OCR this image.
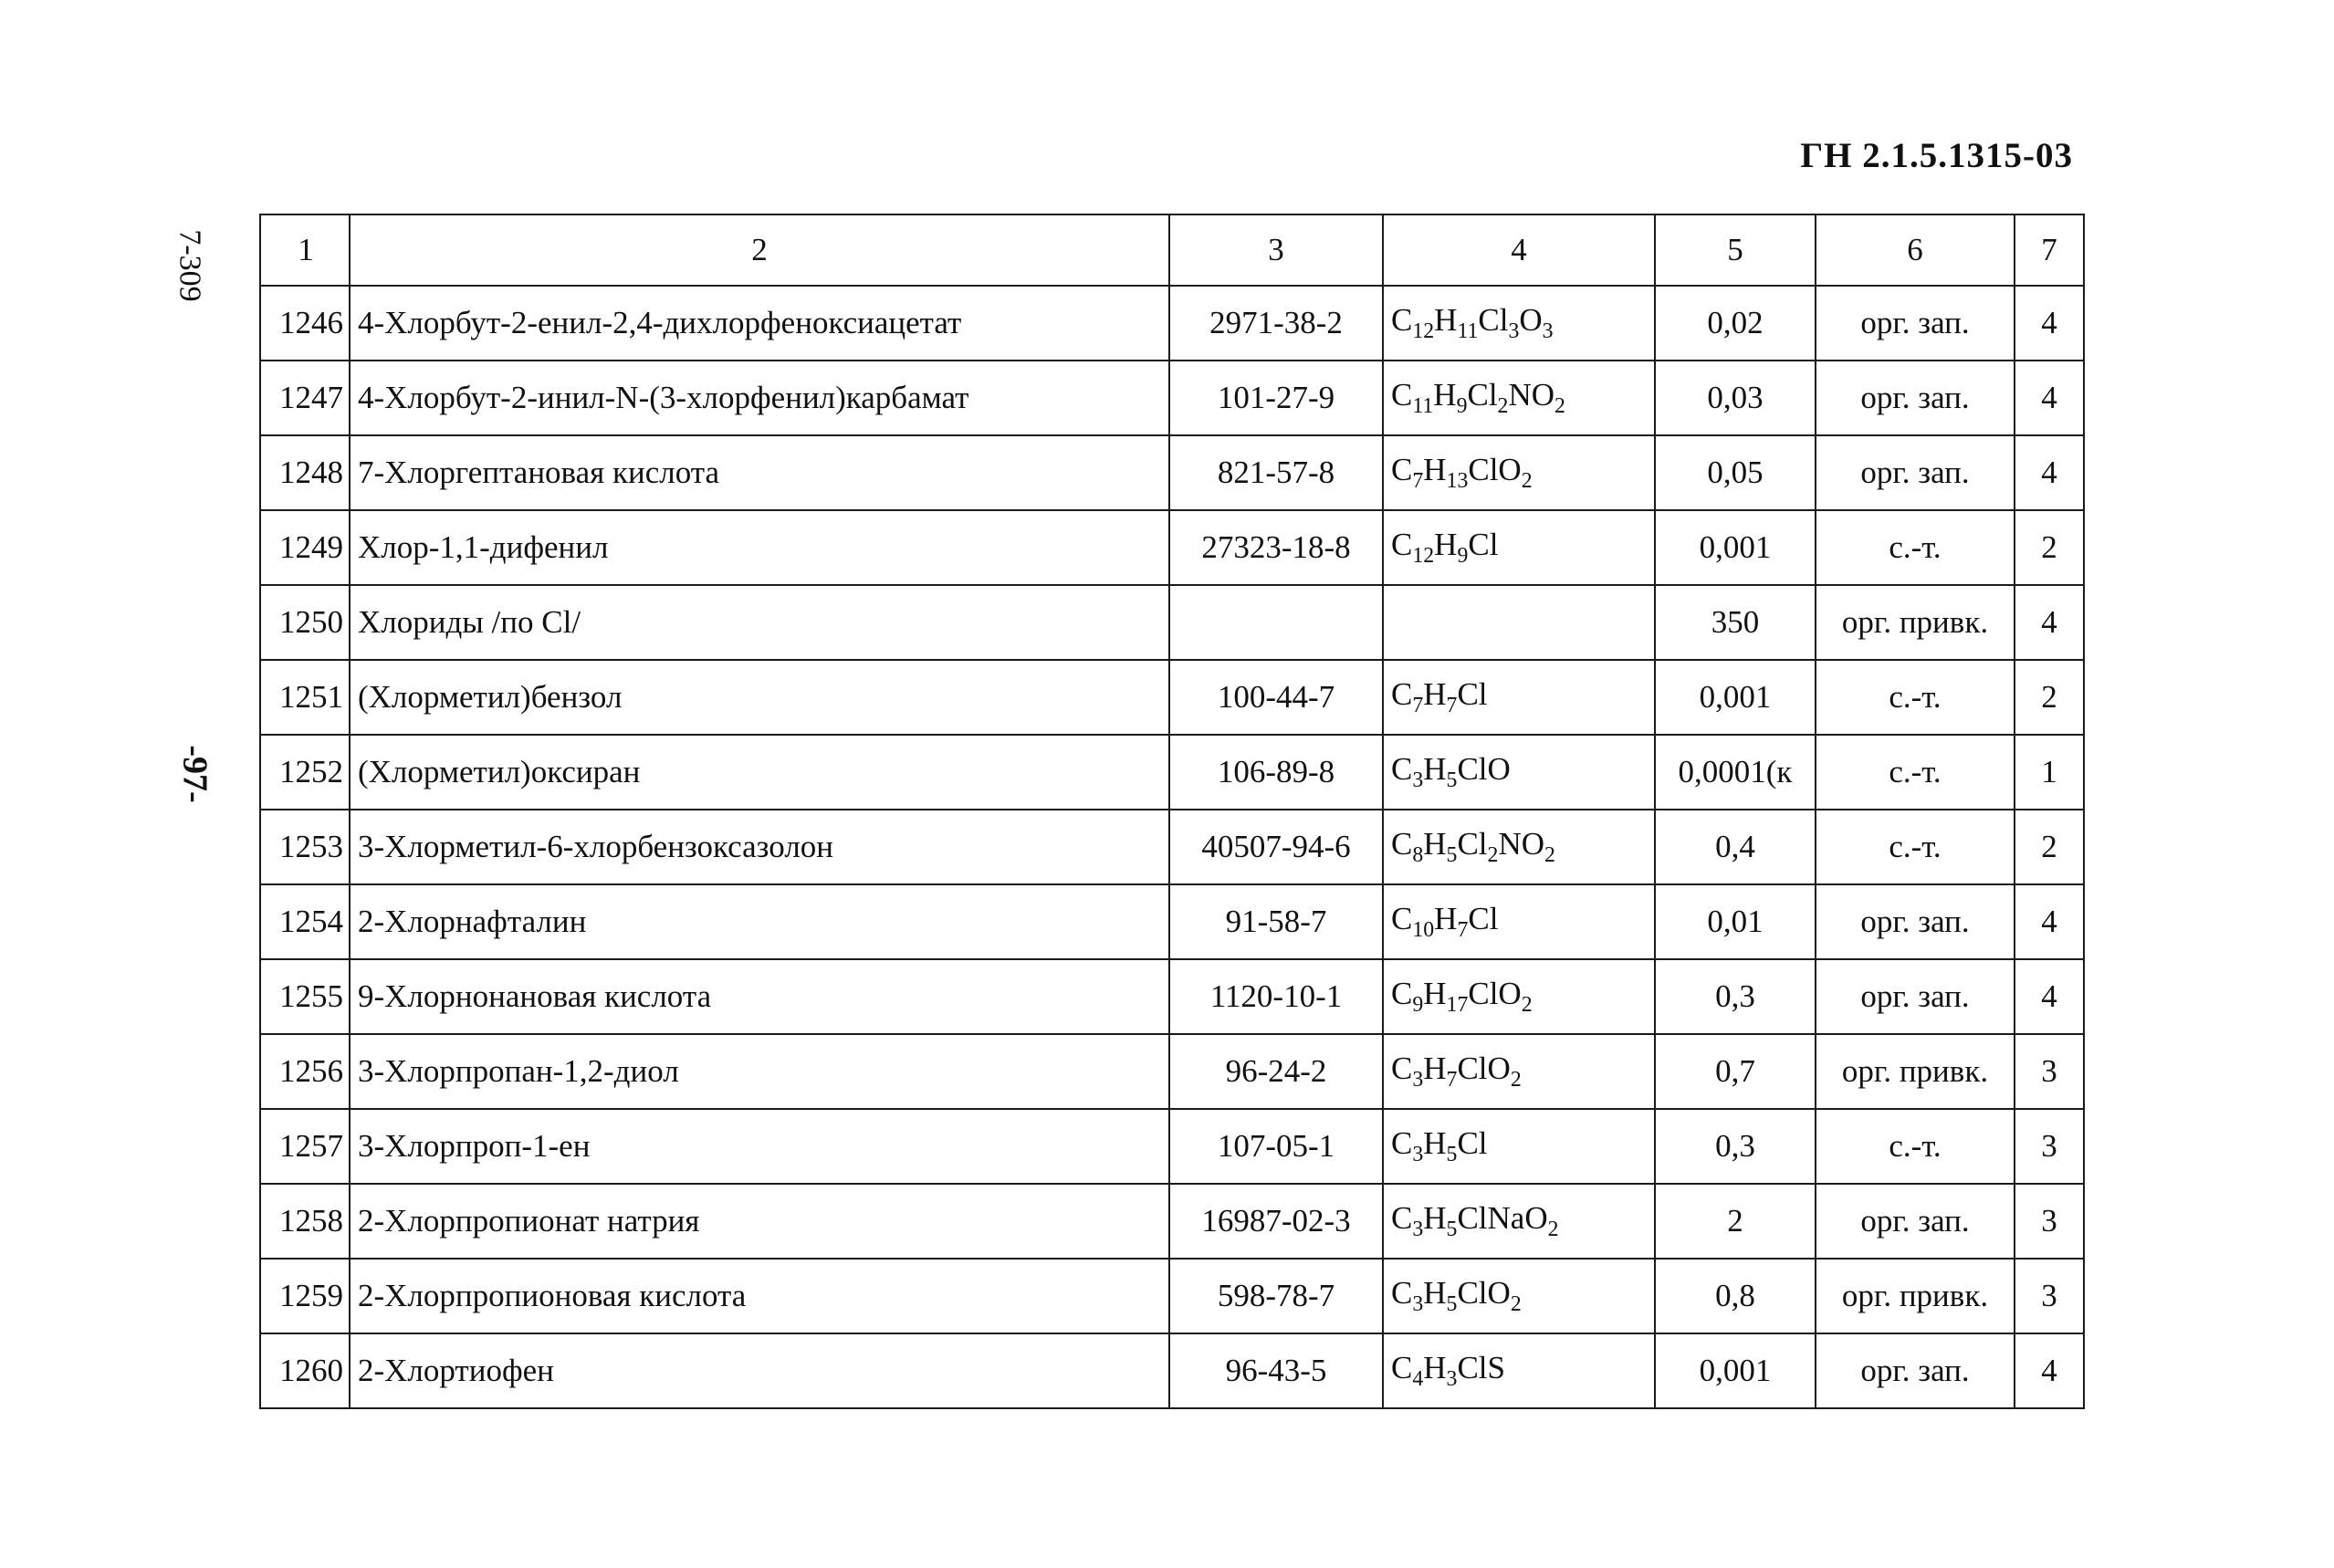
ГН 2.1.5.1315-03
7-309
-97-
1	2	3	4	5	6	7
1246	4-Хлорбут-2-енил-2,4-дихлорфеноксиацетат	2971-38-2	$C_{12}H_{11}Cl_3O_3$	0,02	орг. зап.	4
1247	4-Хлорбут-2-инил-N-(3-хлорфенил)карбамат	101-27-9	$C_{11}H_9Cl_2NO_2$	0,03	орг. зап.	4
1248	7-Хлоргептановая кислота	821-57-8	$C_7H_{13}ClO_2$	0,05	орг. зап.	4
1249	Хлор-1,1-дифенил	27323-18-8	$C_{12}H_9Cl$	0,001	с.-т.	2
1250	Хлориды /по Cl/			350	орг. привк.	4
1251	(Хлорметил)бензол	100-44-7	$C_7H_7Cl$	0,001	с.-т.	2
1252	(Хлорметил)оксиран	106-89-8	$C_3H_5ClO$	0,0001(к	с.-т.	1
1253	3-Хлорметил-6-хлорбензоксазолон	40507-94-6	$C_8H_5Cl_2NO_2$	0,4	с.-т.	2
1254	2-Хлорнафталин	91-58-7	$C_{10}H_7Cl$	0,01	орг. зап.	4
1255	9-Хлорнонановая кислота	1120-10-1	$C_9H_{17}ClO_2$	0,3	орг. зап.	4
1256	3-Хлорпропан-1,2-диол	96-24-2	$C_3H_7ClO_2$	0,7	орг. привк.	3
1257	3-Хлорпроп-1-ен	107-05-1	$C_3H_5Cl$	0,3	с.-т.	3
1258	2-Хлорпропионат натрия	16987-02-3	$C_3H_5ClNaO_2$	2	орг. зап.	3
1259	2-Хлорпропионовая кислота	598-78-7	$C_3H_5ClO_2$	0,8	орг. привк.	3
1260	2-Хлортиофен	96-43-5	$C_4H_3ClS$	0,001	орг. зап.	4
